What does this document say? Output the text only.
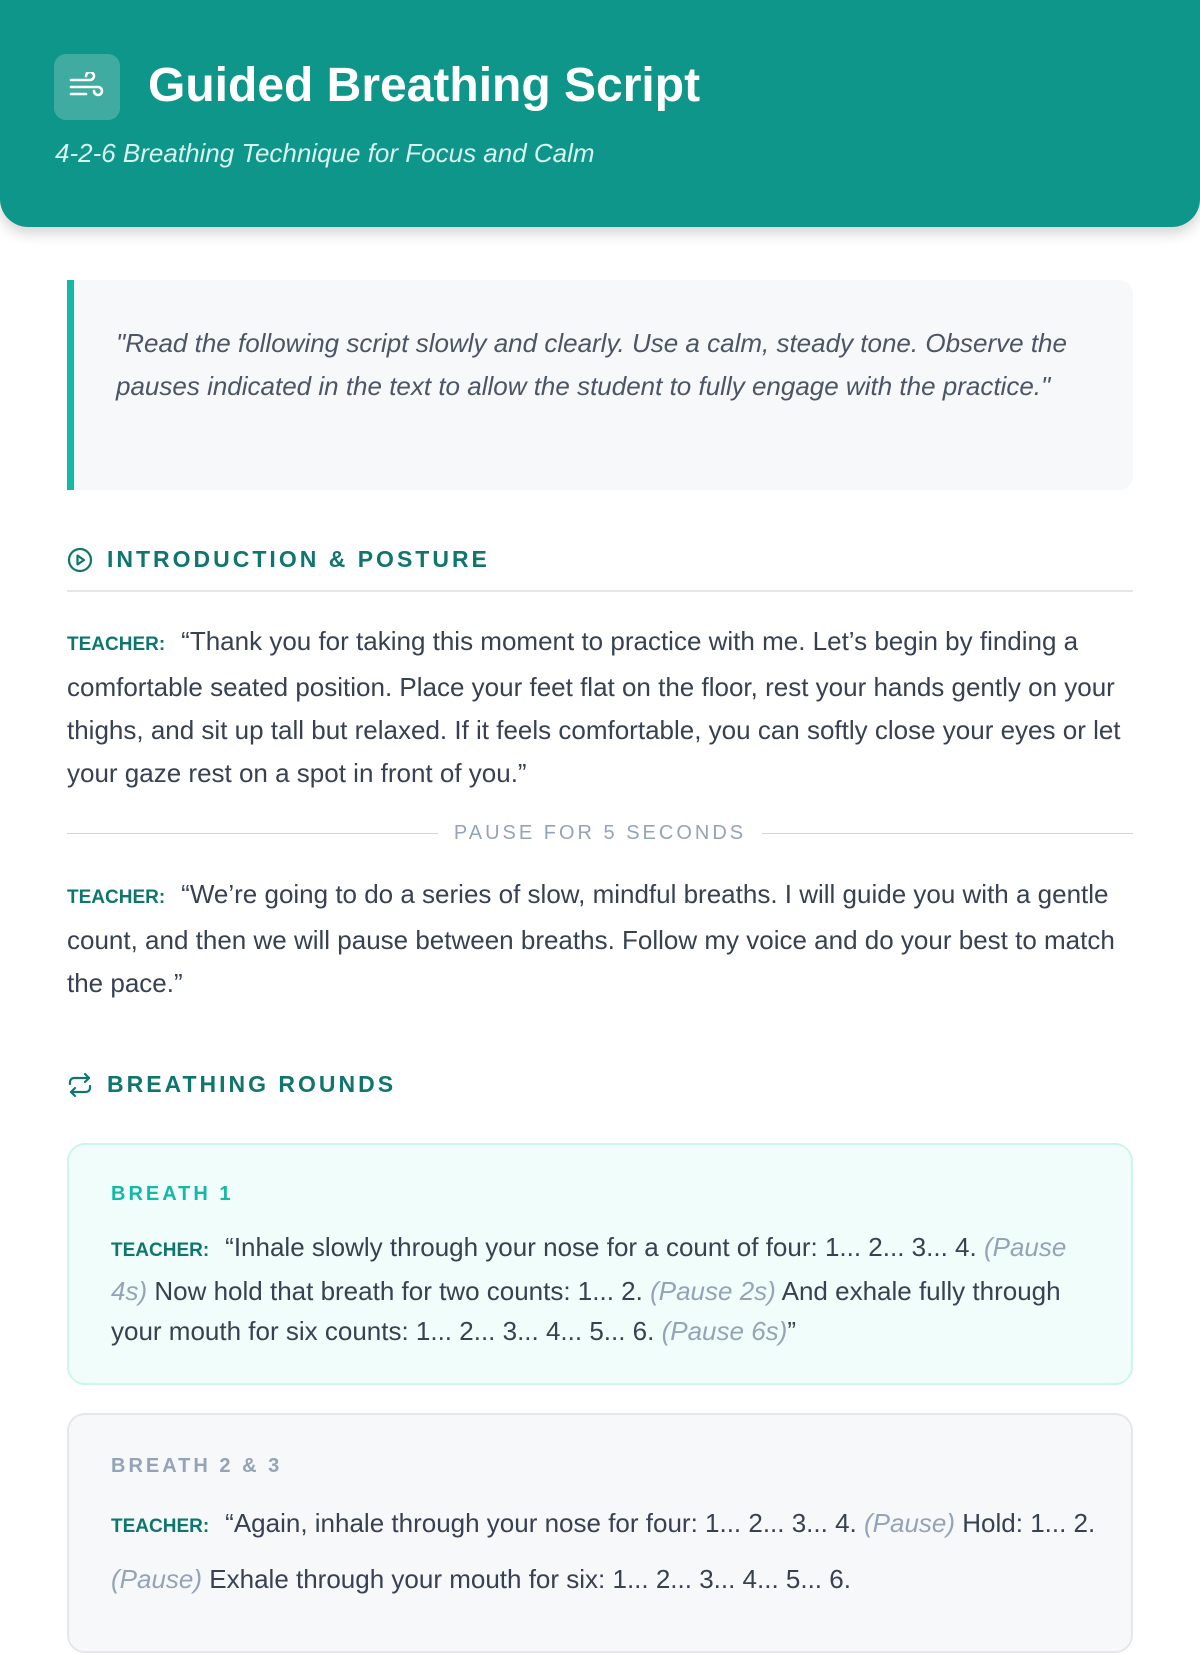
Guided Breathing Script
4-2-6 Breathing Technique for Focus and Calm
"Read the following script slowly and clearly. Use a calm, steady tone. Observe the pauses indicated in the text to allow the student to fully engage with the practice."
INTRODUCTION & POSTURE
TEACHER: “Thank you for taking this moment to practice with me. Let’s begin by finding a comfortable seated position. Place your feet flat on the floor, rest your hands gently on your thighs, and sit up tall but relaxed. If it feels comfortable, you can softly close your eyes or let your gaze rest on a spot in front of you.”
PAUSE FOR 5 SECONDS
TEACHER: “We’re going to do a series of slow, mindful breaths. I will guide you with a gentle count, and then we will pause between breaths. Follow my voice and do your best to match the pace.”
BREATHING ROUNDS
BREATH 1
TEACHER: “Inhale slowly through your nose for a count of four: 1... 2... 3... 4. (Pause 4s) Now hold that breath for two counts: 1... 2. (Pause 2s) And exhale fully through your mouth for six counts: 1... 2... 3... 4... 5... 6. (Pause 6s)”
BREATH 2 & 3
TEACHER: “Again, inhale through your nose for four: 1... 2... 3... 4. (Pause) Hold: 1... 2. (Pause) Exhale through your mouth for six: 1... 2... 3... 4... 5... 6.
